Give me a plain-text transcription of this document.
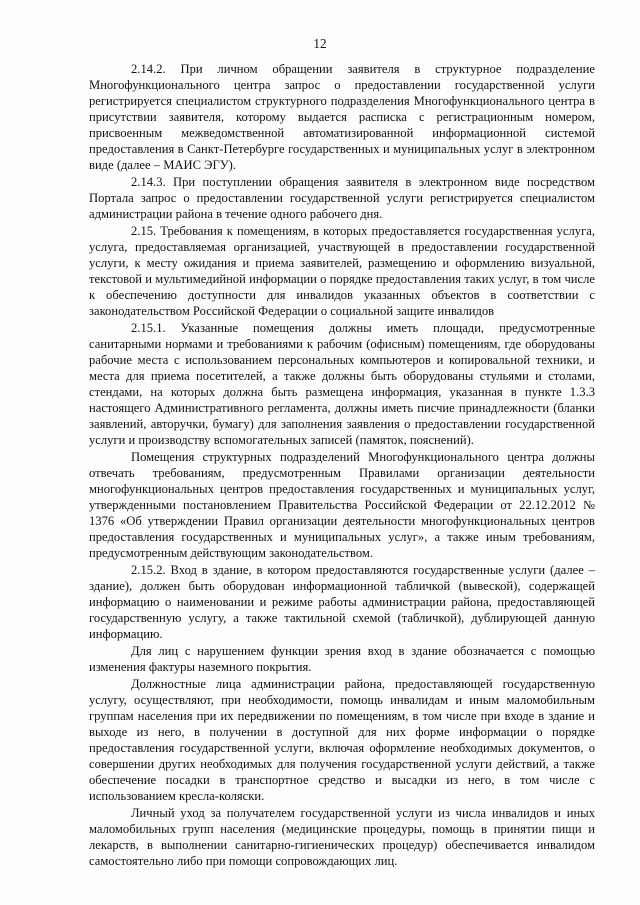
12

2.14.2. При личном обращении заявителя в структурное подразделение Многофункционального центра запрос о предоставлении государственной услуги регистрируется специалистом структурного подразделения Многофункционального центра в присутствии заявителя, которому выдается расписка с регистрационным номером, присвоенным межведомственной автоматизированной информационной системой предоставления в Санкт-Петербурге государственных и муниципальных услуг в электронном виде (далее – МАИС ЭГУ).

2.14.3. При поступлении обращения заявителя в электронном виде посредством Портала запрос о предоставлении государственной услуги регистрируется специалистом администрации района в течение одного рабочего дня.

2.15. Требования к помещениям, в которых предоставляется государственная услуга, услуга, предоставляемая организацией, участвующей в предоставлении государственной услуги, к месту ожидания и приема заявителей, размещению и оформлению визуальной, текстовой и мультимедийной информации о порядке предоставления таких услуг, в том числе к обеспечению доступности для инвалидов указанных объектов в соответствии с законодательством Российской Федерации о социальной защите инвалидов

2.15.1. Указанные помещения должны иметь площади, предусмотренные санитарными нормами и требованиями к рабочим (офисным) помещениям, где оборудованы рабочие места с использованием персональных компьютеров и копировальной техники, и места для приема посетителей, а также должны быть оборудованы стульями и столами, стендами, на которых должна быть размещена информация, указанная в пункте 1.3.3 настоящего Административного регламента, должны иметь писчие принадлежности (бланки заявлений, авторучки, бумагу) для заполнения заявления о предоставлении государственной услуги и производству вспомогательных записей (памяток, пояснений).

Помещения структурных подразделений Многофункционального центра должны отвечать требованиям, предусмотренным Правилами организации деятельности многофункциональных центров предоставления государственных и муниципальных услуг, утвержденными постановлением Правительства Российской Федерации от 22.12.2012 № 1376 «Об утверждении Правил организации деятельности многофункциональных центров предоставления государственных и муниципальных услуг», а также иным требованиям, предусмотренным действующим законодательством.

2.15.2. Вход в здание, в котором предоставляются государственные услуги (далее – здание), должен быть оборудован информационной табличкой (вывеской), содержащей информацию о наименовании и режиме работы администрации района, предоставляющей государственную услугу, а также тактильной схемой (табличкой), дублирующей данную информацию.

Для лиц с нарушением функции зрения вход в здание обозначается с помощью изменения фактуры наземного покрытия.

Должностные лица администрации района, предоставляющей государственную услугу, осуществляют, при необходимости, помощь инвалидам и иным маломобильным группам населения при их передвижении по помещениям, в том числе при входе в здание и выходе из него, в получении в доступной для них форме информации о порядке предоставления государственной услуги, включая оформление необходимых документов, о совершении других необходимых для получения государственной услуги действий, а также обеспечение посадки в транспортное средство и высадки из него, в том числе с использованием кресла-коляски.

Личный уход за получателем государственной услуги из числа инвалидов и иных маломобильных групп населения (медицинские процедуры, помощь в принятии пищи и лекарств, в выполнении санитарно-гигиенических процедур) обеспечивается инвалидом самостоятельно либо при помощи сопровождающих лиц.
